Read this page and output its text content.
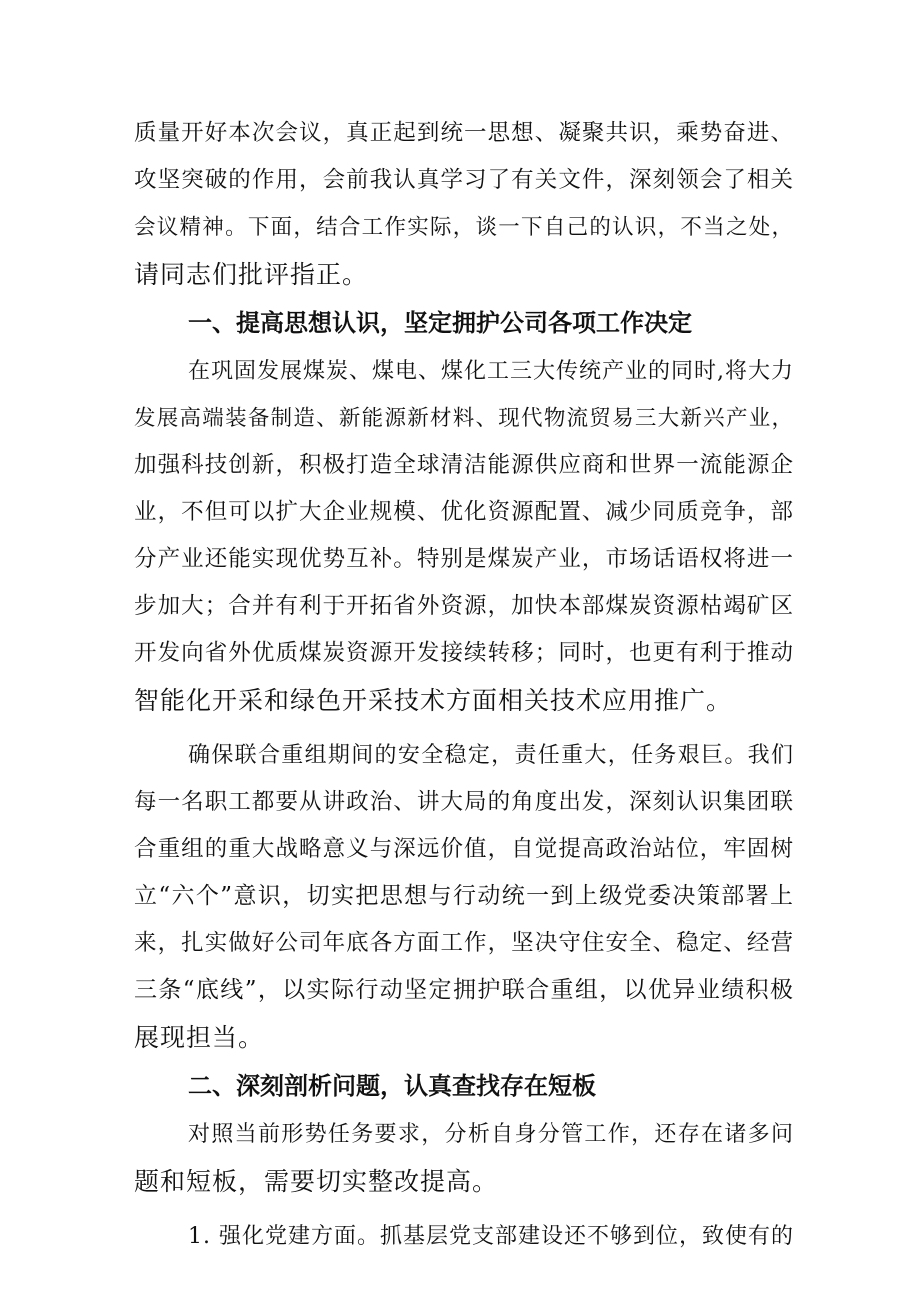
质量开好本次会议，真正起到统一思想、凝聚共识，乘势奋进、
攻坚突破的作用，会前我认真学习了有关文件，深刻领会了相关
会议精神。下面，结合工作实际，谈一下自己的认识，不当之处，
请同志们批评指正。

一、提高思想认识，坚定拥护公司各项工作决定

在巩固发展煤炭、煤电、煤化工三大传统产业的同时,将大力
发展高端装备制造、新能源新材料、现代物流贸易三大新兴产业，
加强科技创新，积极打造全球清洁能源供应商和世界一流能源企
业，不但可以扩大企业规模、优化资源配置、减少同质竞争，部
分产业还能实现优势互补。特别是煤炭产业，市场话语权将进一
步加大；合并有利于开拓省外资源，加快本部煤炭资源枯竭矿区
开发向省外优质煤炭资源开发接续转移；同时，也更有利于推动
智能化开采和绿色开采技术方面相关技术应用推广。

确保联合重组期间的安全稳定，责任重大，任务艰巨。我们
每一名职工都要从讲政治、讲大局的角度出发，深刻认识集团联
合重组的重大战略意义与深远价值，自觉提高政治站位，牢固树
立“六个”意识，切实把思想与行动统一到上级党委决策部署上
来，扎实做好公司年底各方面工作，坚决守住安全、稳定、经营
三条“底线”，以实际行动坚定拥护联合重组，以优异业绩积极
展现担当。

二、深刻剖析问题，认真查找存在短板

对照当前形势任务要求，分析自身分管工作，还存在诸多问
题和短板，需要切实整改提高。

1. 强化党建方面。抓基层党支部建设还不够到位，致使有的
